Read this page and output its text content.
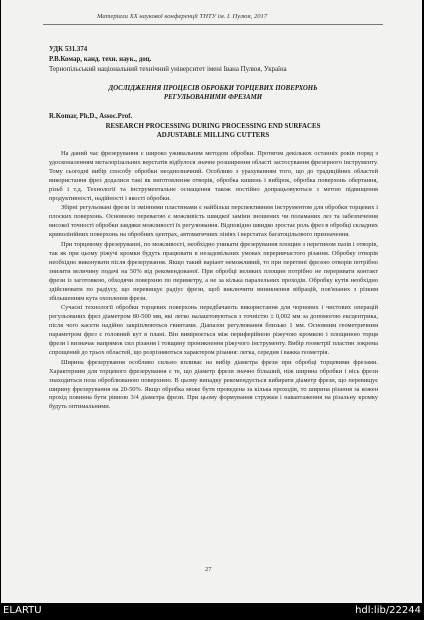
Матеріали XX наукової конференції ТНТУ ім. І. Пулюя, 2017
УДК 531.374
Р.В.Комар, канд. техн. наук., доц.
Тернопільський національний технічний університет імені Івана Пулюя, Україна
ДОСЛІДЖЕННЯ ПРОЦЕСІВ ОБРОБКИ ТОРЦЕВИХ ПОВЕРХОНЬ
РЕГУЛЬОВАНИМИ ФРЕЗАМИ
R.Komar, Ph.D., Assoc.Prof.
RESEARCH PROCESSING DURING PROCESSING END SURFACES
ADJUSTABLE MILLING CUTTERS

На даний час фрезерування є широко уживальним методом обробки. Протягом декількох останніх років поряд з удосконаленням металорізальних верстатів відбулося значне розширення області застосування фрезерного інструменту. Тому сьогодні вибір способу обробки неоднозначний. Особливо з урахуванням того, що до традиційних областей використання фрез додалися такі як виготовлення отворів, обробка кишень і вибірок, обробка поверхонь обертання, різьб і т.д. Технології та інструментальне оснащення також постійно допрацьовуються з метою підвищення продуктивності, надійності і якості обробки.

Збірні регульовані фрези із змінними пластинами є найбільш перспективним інструментом для обробки торцевих і плоских поверхонь. Основною перевагою є можливість швидкої заміни зношених чи поламаних лез та забезпечення високої точності обробки завдяки можливості їх регулювання. Відповідно швидко зростає роль фрез в обробці складних криволінійних поверхонь на обробних центрах, автоматичних лініях і верстатах багатоцільового призначення.

При торцевому фрезеруванні, по можливості, необхідно уникати фрезерування площин з перетином пазів і отворів, так як при цьому ріжучі кромки будуть працювати в незадовільних умовах переривчастого різання. Обробку отворів необхідно виконувати після фрезерування. Якщо такий варіант неможливий, то при перетині фрезою отворів потрібно знизити величину подачі на 50% від рекомендованої. При обробці великих площин потрібно не переривати контакт фрези із заготовкою, обходячи поверхню по периметру, а не за кілька паралельних проходів. Обробку кутів необхідно здійснювати по радіусу, що перевищує радіус фрези, щоб виключити виникнення вібрацій, пов'язаних з різким збільшенням кута охоплення фрези.

Сучасні технології обробки торцевих поверхонь передбачають використання для чорнових і чистових операцій регульованих фрез діаметром 80-500 мм, які легко налаштовуються з точністю ± 0,002 мм за допомогою ексцентрика, після чого касети надійно закріплюються гвинтами. Діапазон регулювання близько 1 мм. Основним геометричним параметром фрез є головний кут в плані. Він вимірюється між периферійною ріжучою кромкою і площиною торця фрези і визначає напрямок сил різання і товщину проникнення ріжучого інструменту. Вибір геометрії пластин зокрема спрощений до трьох областей, що розрізняються характером різання: легка, середня і важка геометрія.

Ширина фрезерування особливо сильно впливає на вибір діаметра фрези при обробці торцевими фрезами. Характерним для торцевого фрезерування є те, що діаметр фрези значно більший, ніж ширина обробки і вісь фрези знаходиться поза оброблюваною поверхнею. В цьому випадку рекомендується вибирати діаметр фрези, що перевищує ширину фрезерування на 20-50%. Якщо обробка може бути проведена за кілька проходів, то ширина різання за кожен прохід повинна бути рівною 3/4 діаметра фрези. При цьому формування стружки і навантаження на різальну кромку будуть оптимальними.

27
ELARTU	hdl:lib/22244
